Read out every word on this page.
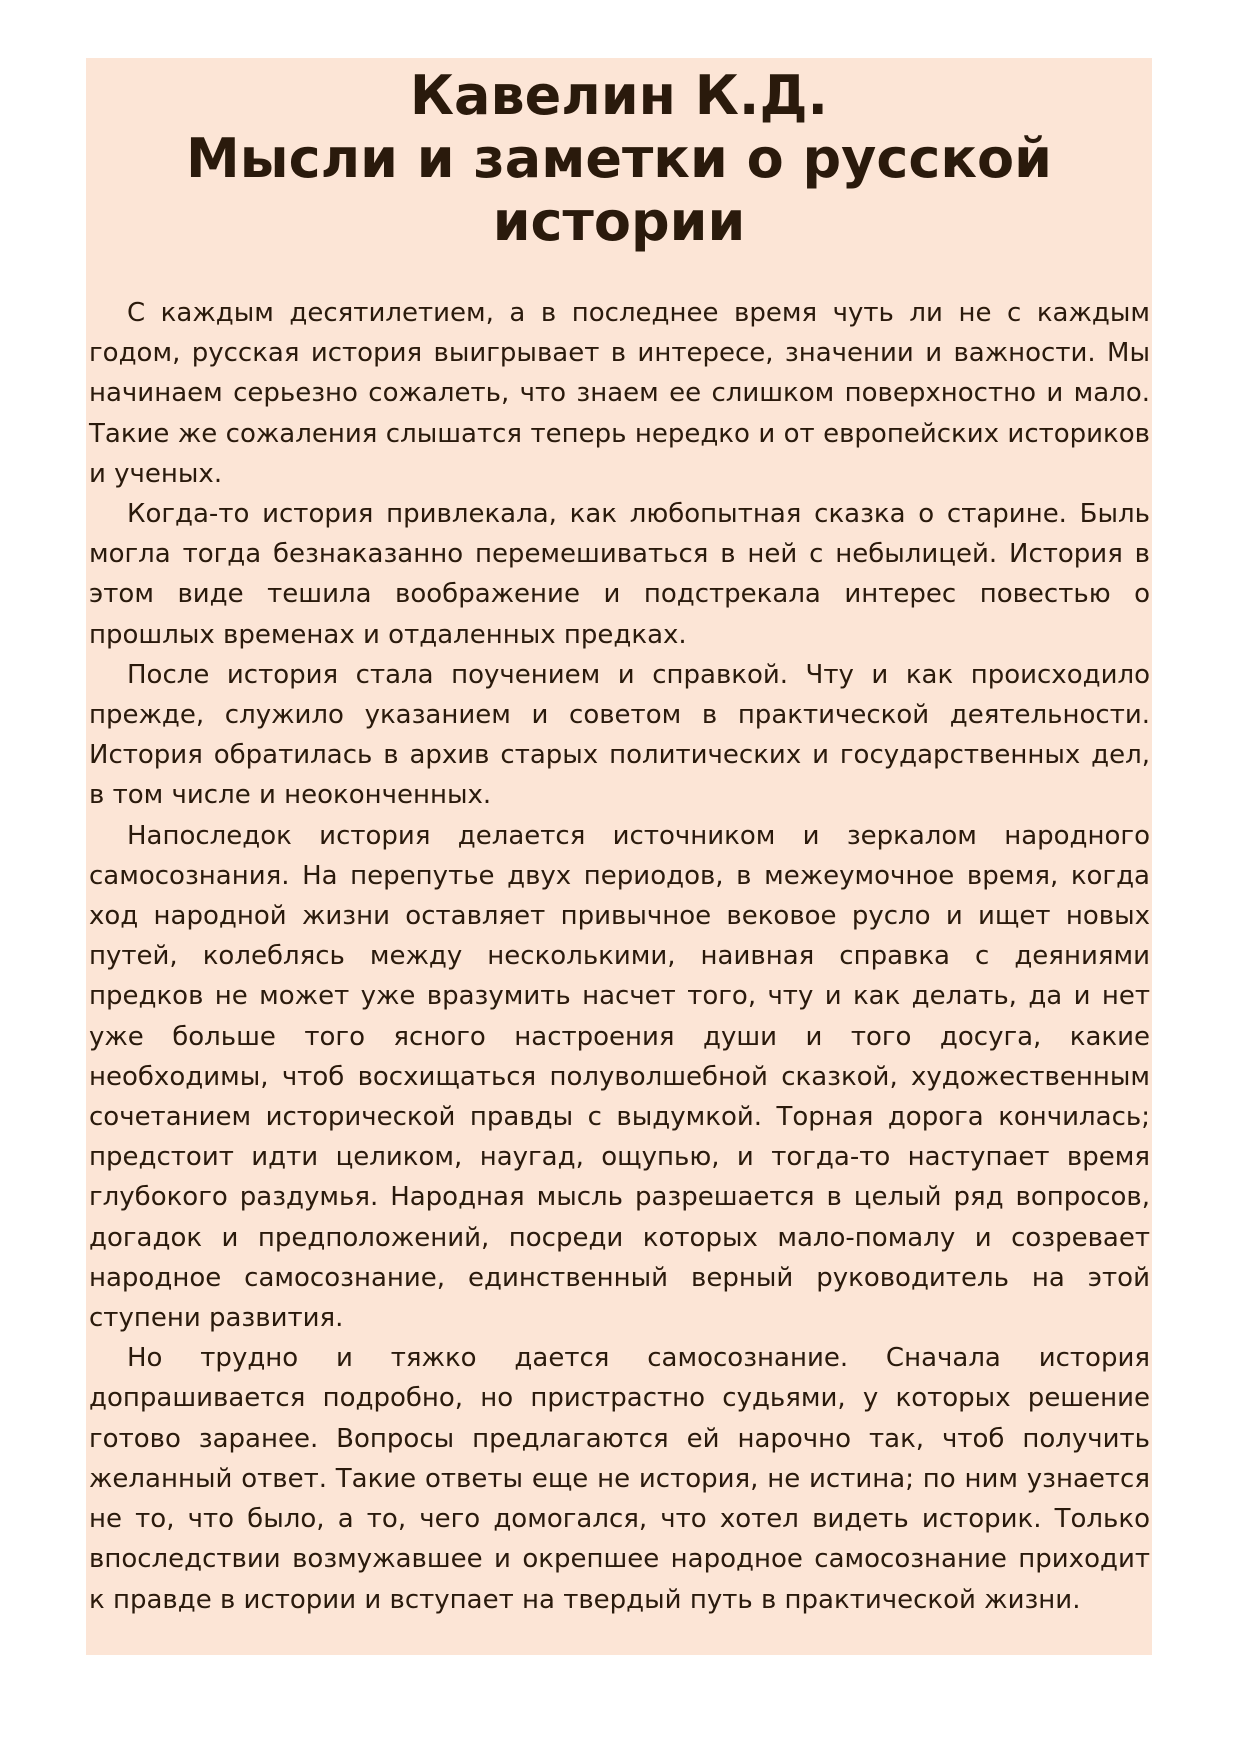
Кавелин К.Д.
Мысли и заметки о русской
истории

С каждым десятилетием, а в последнее время чуть ли не с каждым годом, русская история выигрывает в интересе, значении и важности. Мы начинаем серьезно сожалеть, что знаем ее слишком поверхностно и мало. Такие же сожаления слышатся теперь нередко и от европейских историков и ученых.

Когда-то история привлекала, как любопытная сказка о старине. Быль могла тогда безнаказанно перемешиваться в ней с небылицей. История в этом виде тешила воображение и подстрекала интерес повестью о прошлых временах и отдаленных предках.

После история стала поучением и справкой. Чту и как происходило прежде, служило указанием и советом в практической деятельности. История обратилась в архив старых политических и государственных дел, в том числе и неоконченных.

Напоследок история делается источником и зеркалом народного самосознания. На перепутье двух периодов, в межеумочное время, когда ход народной жизни оставляет привычное вековое русло и ищет новых путей, колеблясь между несколькими, наивная справка с деяниями предков не может уже вразумить насчет того, чту и как делать, да и нет уже больше того ясного настроения души и того досуга, какие необходимы, чтоб восхищаться полуволшебной сказкой, художественным сочетанием исторической правды с выдумкой. Торная дорога кончилась; предстоит идти целиком, наугад, ощупью, и тогда-то наступает время глубокого раздумья. Народная мысль разрешается в целый ряд вопросов, догадок и предположений, посреди которых мало-помалу и созревает народное самосознание, единственный верный руководитель на этой ступени развития.

Но трудно и тяжко дается самосознание. Сначала история допрашивается подробно, но пристрастно судьями, у которых решение готово заранее. Вопросы предлагаются ей нарочно так, чтоб получить желанный ответ. Такие ответы еще не история, не истина; по ним узнается не то, что было, а то, чего домогался, что хотел видеть историк. Только впоследствии возмужавшее и окрепшее народное самосознание приходит к правде в истории и вступает на твердый путь в практической жизни.
